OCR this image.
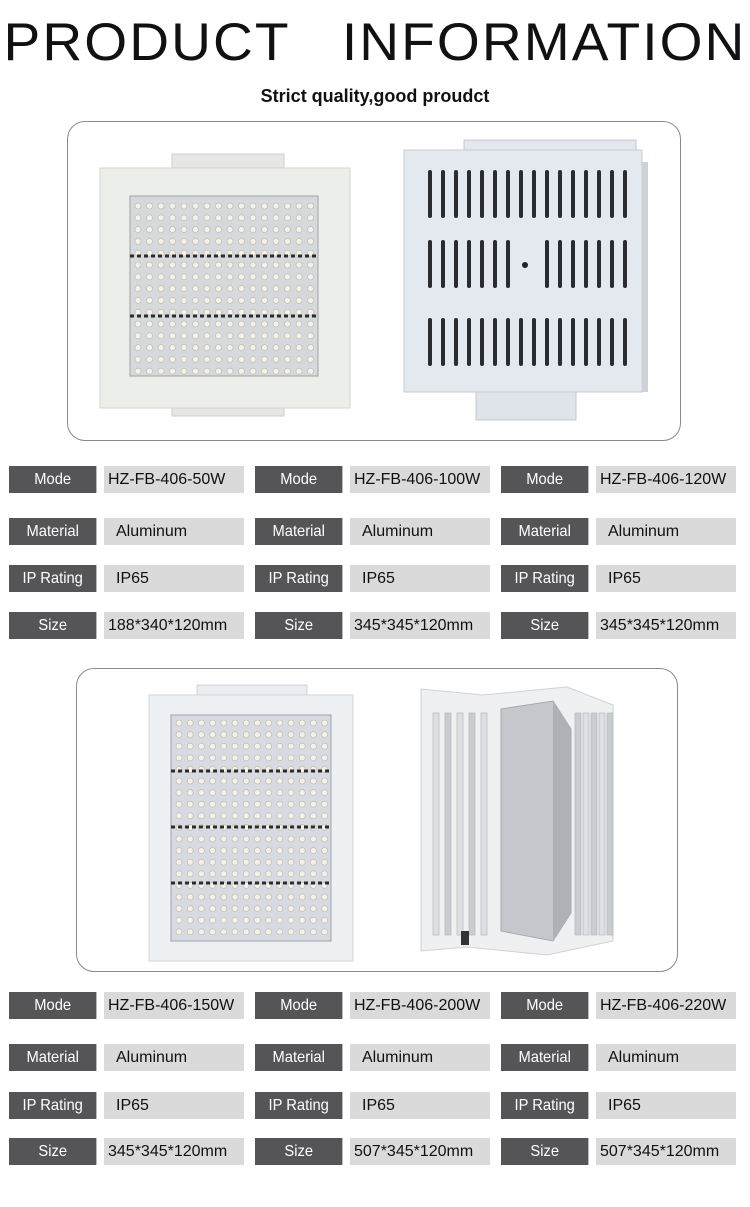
PRODUCT   INFORMATION
Strict quality,good proudct
Mode	HZ-FB-406-50W
Material	Aluminum
IP Rating	IP65
Size	188*340*120mm
Mode	HZ-FB-406-100W
Material	Aluminum
IP Rating	IP65
Size	345*345*120mm
Mode	HZ-FB-406-120W
Material	Aluminum
IP Rating	IP65
Size	345*345*120mm
Mode	HZ-FB-406-150W
Material	Aluminum
IP Rating	IP65
Size	345*345*120mm
Mode	HZ-FB-406-200W
Material	Aluminum
IP Rating	IP65
Size	507*345*120mm
Mode	HZ-FB-406-220W
Material	Aluminum
IP Rating	IP65
Size	507*345*120mm
